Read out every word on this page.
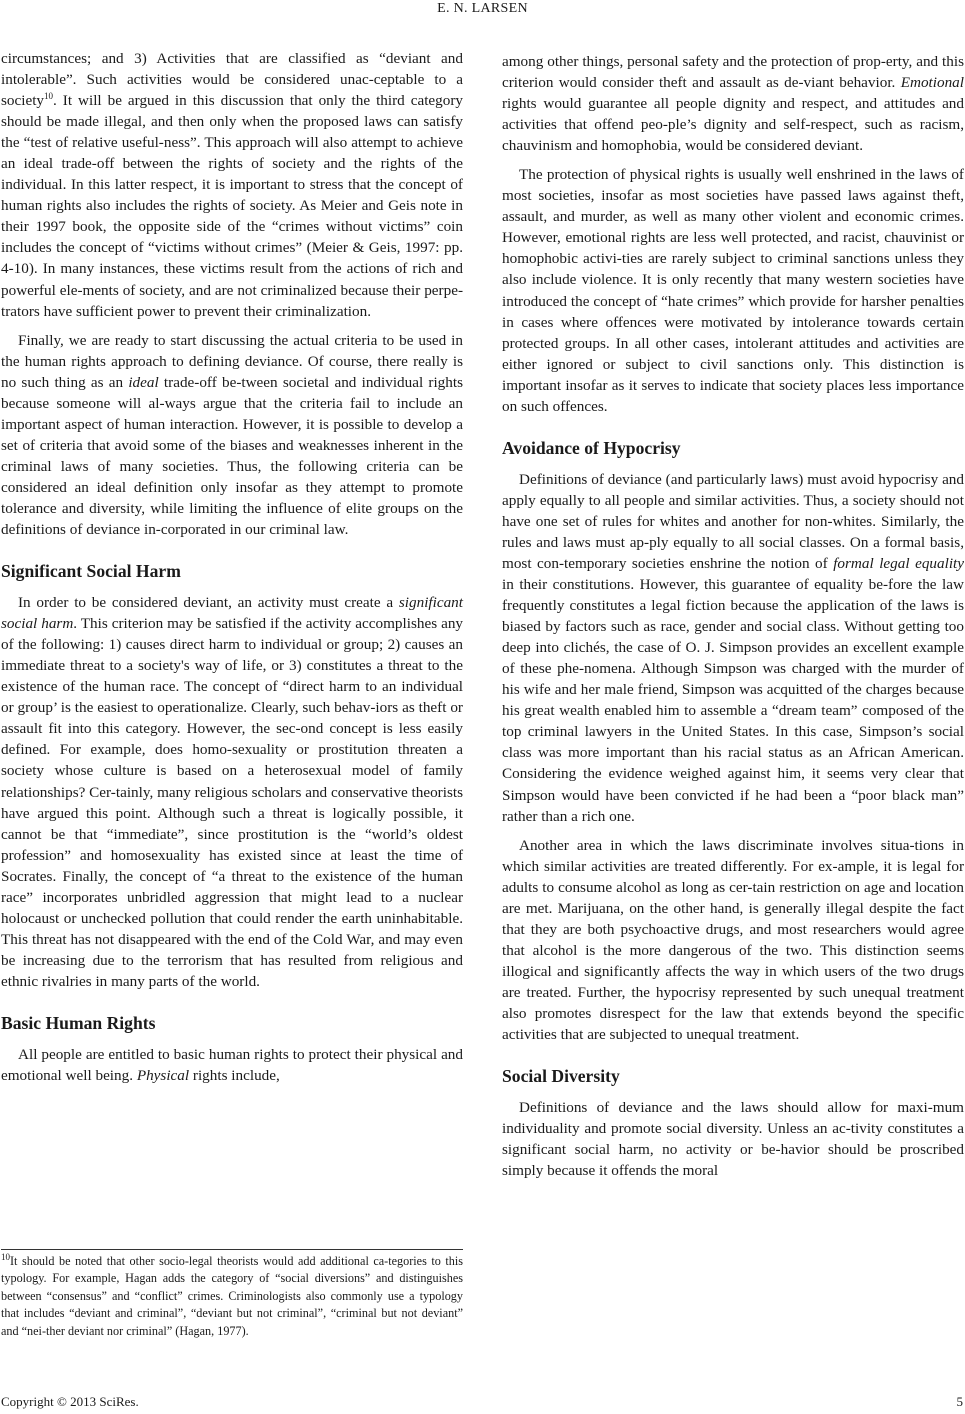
E. N. LARSEN

circumstances; and 3) Activities that are classified as “deviant and intolerable”. Such activities would be considered unac-ceptable to a society$^{10}$. It will be argued in this discussion that only the third category should be made illegal, and then only when the proposed laws can satisfy the “test of relative useful-ness”. This approach will also attempt to achieve an ideal trade-off between the rights of society and the rights of the individual. In this latter respect, it is important to stress that the concept of human rights also includes the rights of society. As Meier and Geis note in their 1997 book, the opposite side of the “crimes without victims” coin includes the concept of “victims without crimes” (Meier & Geis, 1997: pp. 4-10). In many instances, these victims result from the actions of rich and powerful ele-ments of society, and are not criminalized because their perpe-trators have sufficient power to prevent their criminalization.

Finally, we are ready to start discussing the actual criteria to be used in the human rights approach to defining deviance. Of course, there really is no such thing as an ideal trade-off be-tween societal and individual rights because someone will al-ways argue that the criteria fail to include an important aspect of human interaction. However, it is possible to develop a set of criteria that avoid some of the biases and weaknesses inherent in the criminal laws of many societies. Thus, the following criteria can be considered an ideal definition only insofar as they attempt to promote tolerance and diversity, while limiting the influence of elite groups on the definitions of deviance in-corporated in our criminal law.

Significant Social Harm

In order to be considered deviant, an activity must create a significant social harm. This criterion may be satisfied if the activity accomplishes any of the following: 1) causes direct harm to individual or group; 2) causes an immediate threat to a society's way of life, or 3) constitutes a threat to the existence of the human race. The concept of “direct harm to an individual or group’ is the easiest to operationalize. Clearly, such behav-iors as theft or assault fit into this category. However, the sec-ond concept is less easily defined. For example, does homo-sexuality or prostitution threaten a society whose culture is based on a heterosexual model of family relationships? Cer-tainly, many religious scholars and conservative theorists have argued this point. Although such a threat is logically possible, it cannot be that “immediate”, since prostitution is the “world’s oldest profession” and homosexuality has existed since at least the time of Socrates. Finally, the concept of “a threat to the existence of the human race” incorporates unbridled aggression that might lead to a nuclear holocaust or unchecked pollution that could render the earth uninhabitable. This threat has not disappeared with the end of the Cold War, and may even be increasing due to the terrorism that has resulted from religious and ethnic rivalries in many parts of the world.

Basic Human Rights

All people are entitled to basic human rights to protect their physical and emotional well being. Physical rights include,

$^{10}$It should be noted that other socio-legal theorists would add additional ca-tegories to this typology. For example, Hagan adds the category of “social diversions” and distinguishes between “consensus” and “conflict” crimes. Criminologists also commonly use a typology that includes “deviant and criminal”, “deviant but not criminal”, “criminal but not deviant” and “nei-ther deviant nor criminal” (Hagan, 1977).

among other things, personal safety and the protection of prop-erty, and this criterion would consider theft and assault as de-viant behavior. Emotional rights would guarantee all people dignity and respect, and attitudes and activities that offend peo-ple’s dignity and self-respect, such as racism, chauvinism and homophobia, would be considered deviant.

The protection of physical rights is usually well enshrined in the laws of most societies, insofar as most societies have passed laws against theft, assault, and murder, as well as many other violent and economic crimes. However, emotional rights are less well protected, and racist, chauvinist or homophobic activi-ties are rarely subject to criminal sanctions unless they also include violence. It is only recently that many western societies have introduced the concept of “hate crimes” which provide for harsher penalties in cases where offences were motivated by intolerance towards certain protected groups. In all other cases, intolerant attitudes and activities are either ignored or subject to civil sanctions only. This distinction is important insofar as it serves to indicate that society places less importance on such offences.

Avoidance of Hypocrisy

Definitions of deviance (and particularly laws) must avoid hypocrisy and apply equally to all people and similar activities. Thus, a society should not have one set of rules for whites and another for non-whites. Similarly, the rules and laws must ap-ply equally to all social classes. On a formal basis, most con-temporary societies enshrine the notion of formal legal equality in their constitutions. However, this guarantee of equality be-fore the law frequently constitutes a legal fiction because the application of the laws is biased by factors such as race, gender and social class. Without getting too deep into clichés, the case of O. J. Simpson provides an excellent example of these phe-nomena. Although Simpson was charged with the murder of his wife and her male friend, Simpson was acquitted of the charges because his great wealth enabled him to assemble a “dream team” composed of the top criminal lawyers in the United States. In this case, Simpson’s social class was more important than his racial status as an African American. Considering the evidence weighed against him, it seems very clear that Simpson would have been convicted if he had been a “poor black man” rather than a rich one.

Another area in which the laws discriminate involves situa-tions in which similar activities are treated differently. For ex-ample, it is legal for adults to consume alcohol as long as cer-tain restriction on age and location are met. Marijuana, on the other hand, is generally illegal despite the fact that they are both psychoactive drugs, and most researchers would agree that alcohol is the more dangerous of the two. This distinction seems illogical and significantly affects the way in which users of the two drugs are treated. Further, the hypocrisy represented by such unequal treatment also promotes disrespect for the law that extends beyond the specific activities that are subjected to unequal treatment.

Social Diversity

Definitions of deviance and the laws should allow for maxi-mum individuality and promote social diversity. Unless an ac-tivity constitutes a significant social harm, no activity or be-havior should be proscribed simply because it offends the moral

Copyright © 2013 SciRes.	5
